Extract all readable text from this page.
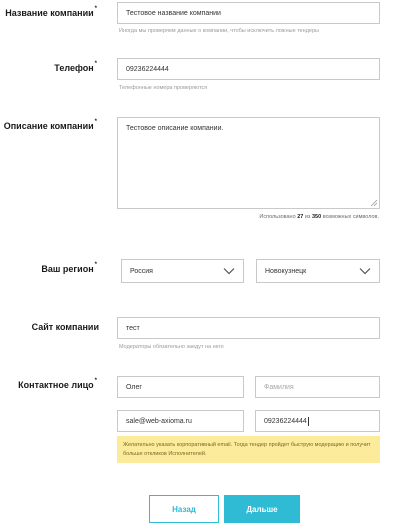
Название компании*
Тестовое название компании
Иногда мы проверяем данные о компании, чтобы исключить ложные тендеры
Телефон*
09236224444
Телефонные номера проверяются
Описание компании*
Тестовое описание компании.
Использовано 27 из 350 возможных символов.
Ваш регион*
Россия	Новокузнецк
Сайт компании	тест
Модераторы обязательно заедут на него
Контактное лицо*
Олег	Фамилия
sale@web-axioma.ru	09236224444
Желательно указать корпоративный email. Тогда тендер пройдет быструю модерацию и получит больше откликов Исполнителей.
Назад	Дальше
